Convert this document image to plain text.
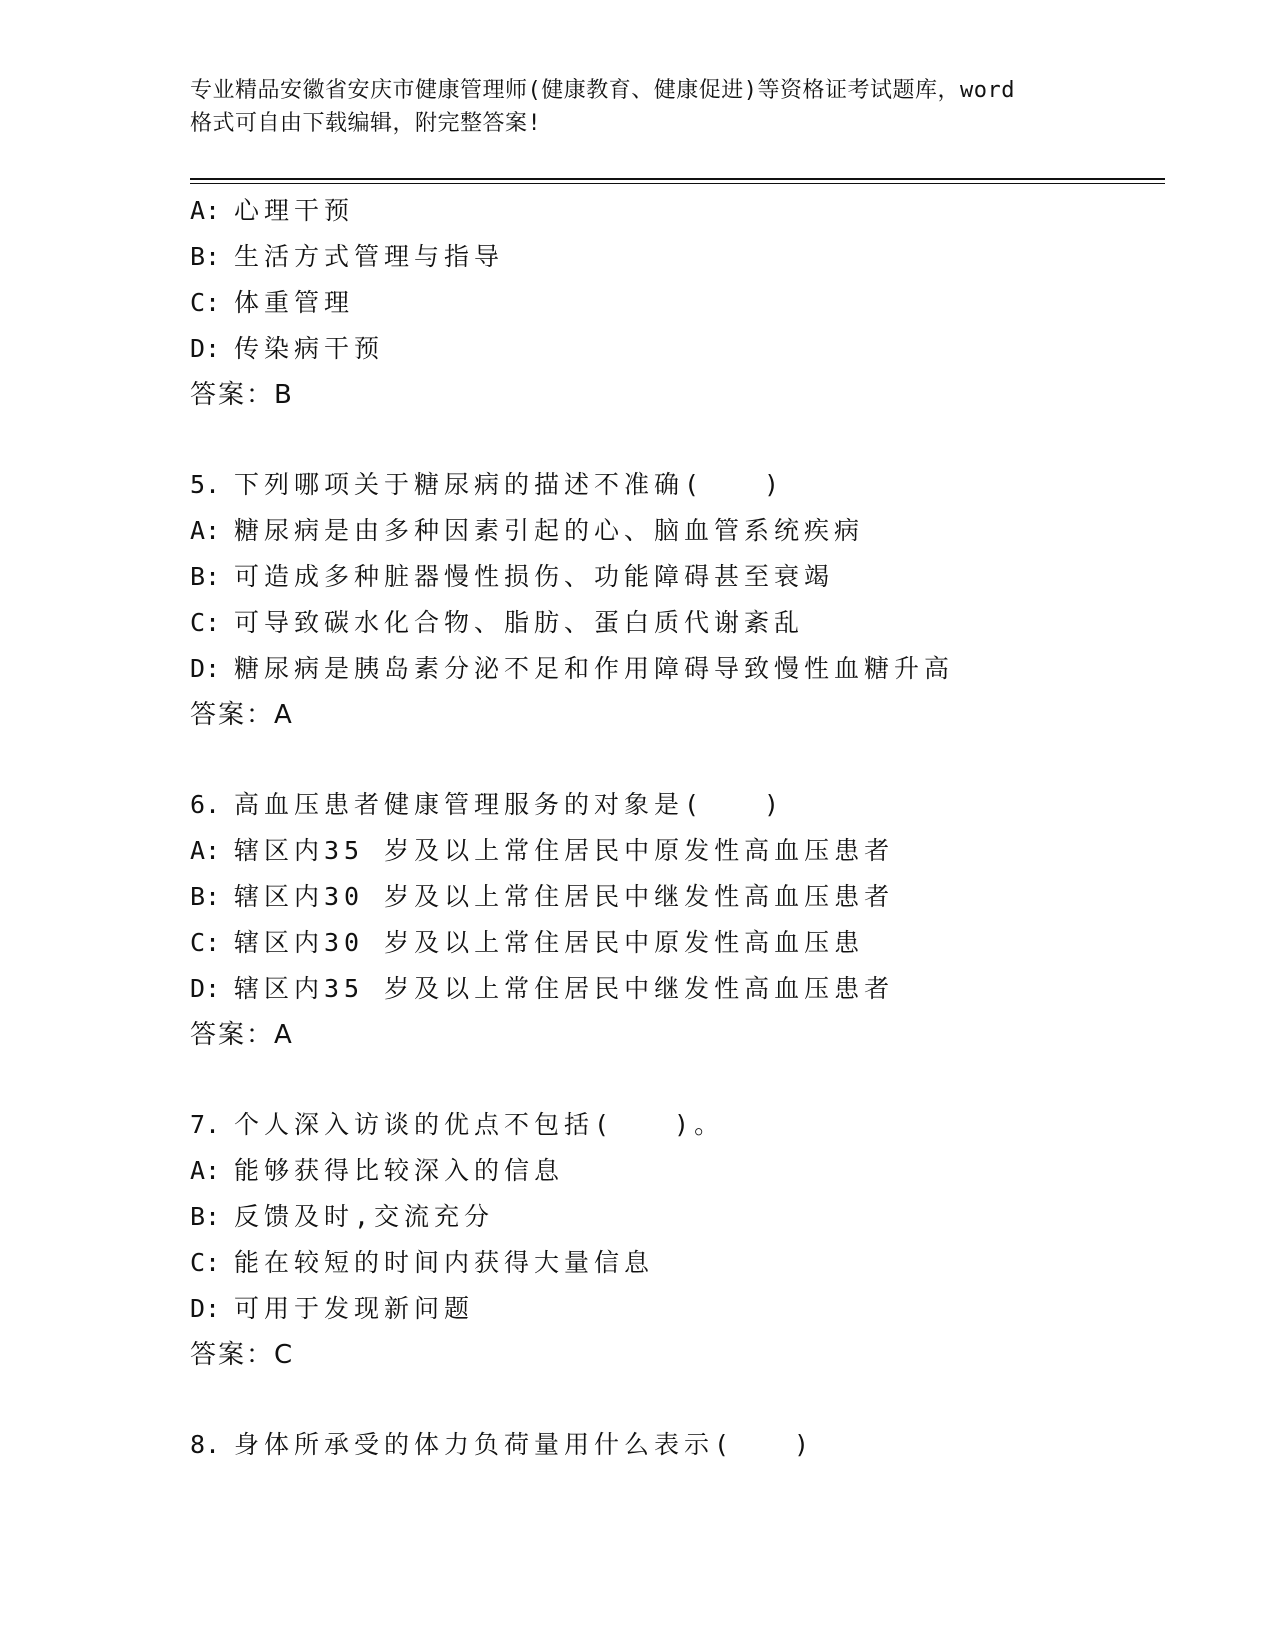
专业精品安徽省安庆市健康管理师(健康教育、健康促进)等资格证考试题库，word
格式可自由下载编辑，附完整答案!
A: 心理干预
B: 生活方式管理与指导
C: 体重管理
D: 传染病干预
答案：B
5. 下列哪项关于糖尿病的描述不准确(　　)
A: 糖尿病是由多种因素引起的心、脑血管系统疾病
B: 可造成多种脏器慢性损伤、功能障碍甚至衰竭
C: 可导致碳水化合物、脂肪、蛋白质代谢紊乱
D: 糖尿病是胰岛素分泌不足和作用障碍导致慢性血糖升高
答案：A
6. 高血压患者健康管理服务的对象是(　　)
A: 辖区内35 岁及以上常住居民中原发性高血压患者
B: 辖区内30 岁及以上常住居民中继发性高血压患者
C: 辖区内30 岁及以上常住居民中原发性高血压患
D: 辖区内35 岁及以上常住居民中继发性高血压患者
答案：A
7. 个人深入访谈的优点不包括(　　)。
A: 能够获得比较深入的信息
B: 反馈及时,交流充分
C: 能在较短的时间内获得大量信息
D: 可用于发现新问题
答案：C
8. 身体所承受的体力负荷量用什么表示(　　)
